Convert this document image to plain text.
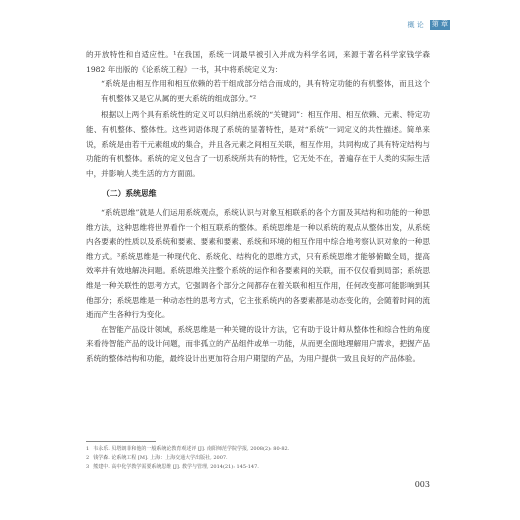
概 论 第 章

的开放特性和自适应性。¹在我国，系统一词最早被引入并成为科学名词，来源于著名科学家钱学森 1982 年出版的《论系统工程》一书，其中将系统定义为：

“系统是由相互作用和相互依赖的若干组成部分结合而成的，具有特定功能的有机整体，而且这个有机整体又是它从属的更大系统的组成部分。”²

根据以上两个具有系统性的定义可以归纳出系统的“关键词”：相互作用、相互依赖、元素、特定功能、有机整体、整体性。这些词语体现了系统的显著特性，是对“系统”一词定义的共性描述。简单来说，系统是由若干元素组成的集合，并且各元素之间相互关联，相互作用，共同构成了具有特定结构与功能的有机整体。系统的定义包含了一切系统所共有的特性，它无处不在，普遍存在于人类的实际生活中，并影响人类生活的方方面面。

（二）系统思维

“系统思维”就是人们运用系统观点，系统认识与对象互相联系的各个方面及其结构和功能的一种思维方法，这种思维将世界看作一个相互联系的整体。系统思维是一种以系统的观点从整体出发，从系统内各要素的性质以及系统和要素、要素和要素、系统和环境的相互作用中综合地考察认识对象的一种思维方式。³系统思维是一种现代化、系统化、结构化的思维方式，只有系统思维才能够俯瞰全局，提高效率并有效地解决问题。系统思维关注整个系统的运作和各要素间的关联，而不仅仅看到局部；系统思维是一种关联性的思考方式，它强调各个部分之间都存在着关联和相互作用，任何改变都可能影响到其他部分；系统思维是一种动态性的思考方式，它主张系统内的各要素都是动态变化的，会随着时间的流逝而产生各种行为变化。

在智能产品设计领域，系统思维是一种关键的设计方法，它有助于设计师从整体性和综合性的角度来看待智能产品的设计问题，而非孤立的产品组件或单一功能，从而更全面地理解用户需求，把握产品系统的整体结构和功能，最终设计出更加符合用户期望的产品，为用户提供一致且良好的产品体验。

1 韦永乐. 贝塔朗菲和他的一般系统论教育观述评 [J]. 南阳师范学院学报, 2008(2): 80-82.
2 钱学森. 论系统工程 [M]. 上海：上海交通大学出版社, 2007.
3 熊建中. 高中化学教学需要系统思维 [J]. 教学与管理, 2014(21): 145-147.
003
